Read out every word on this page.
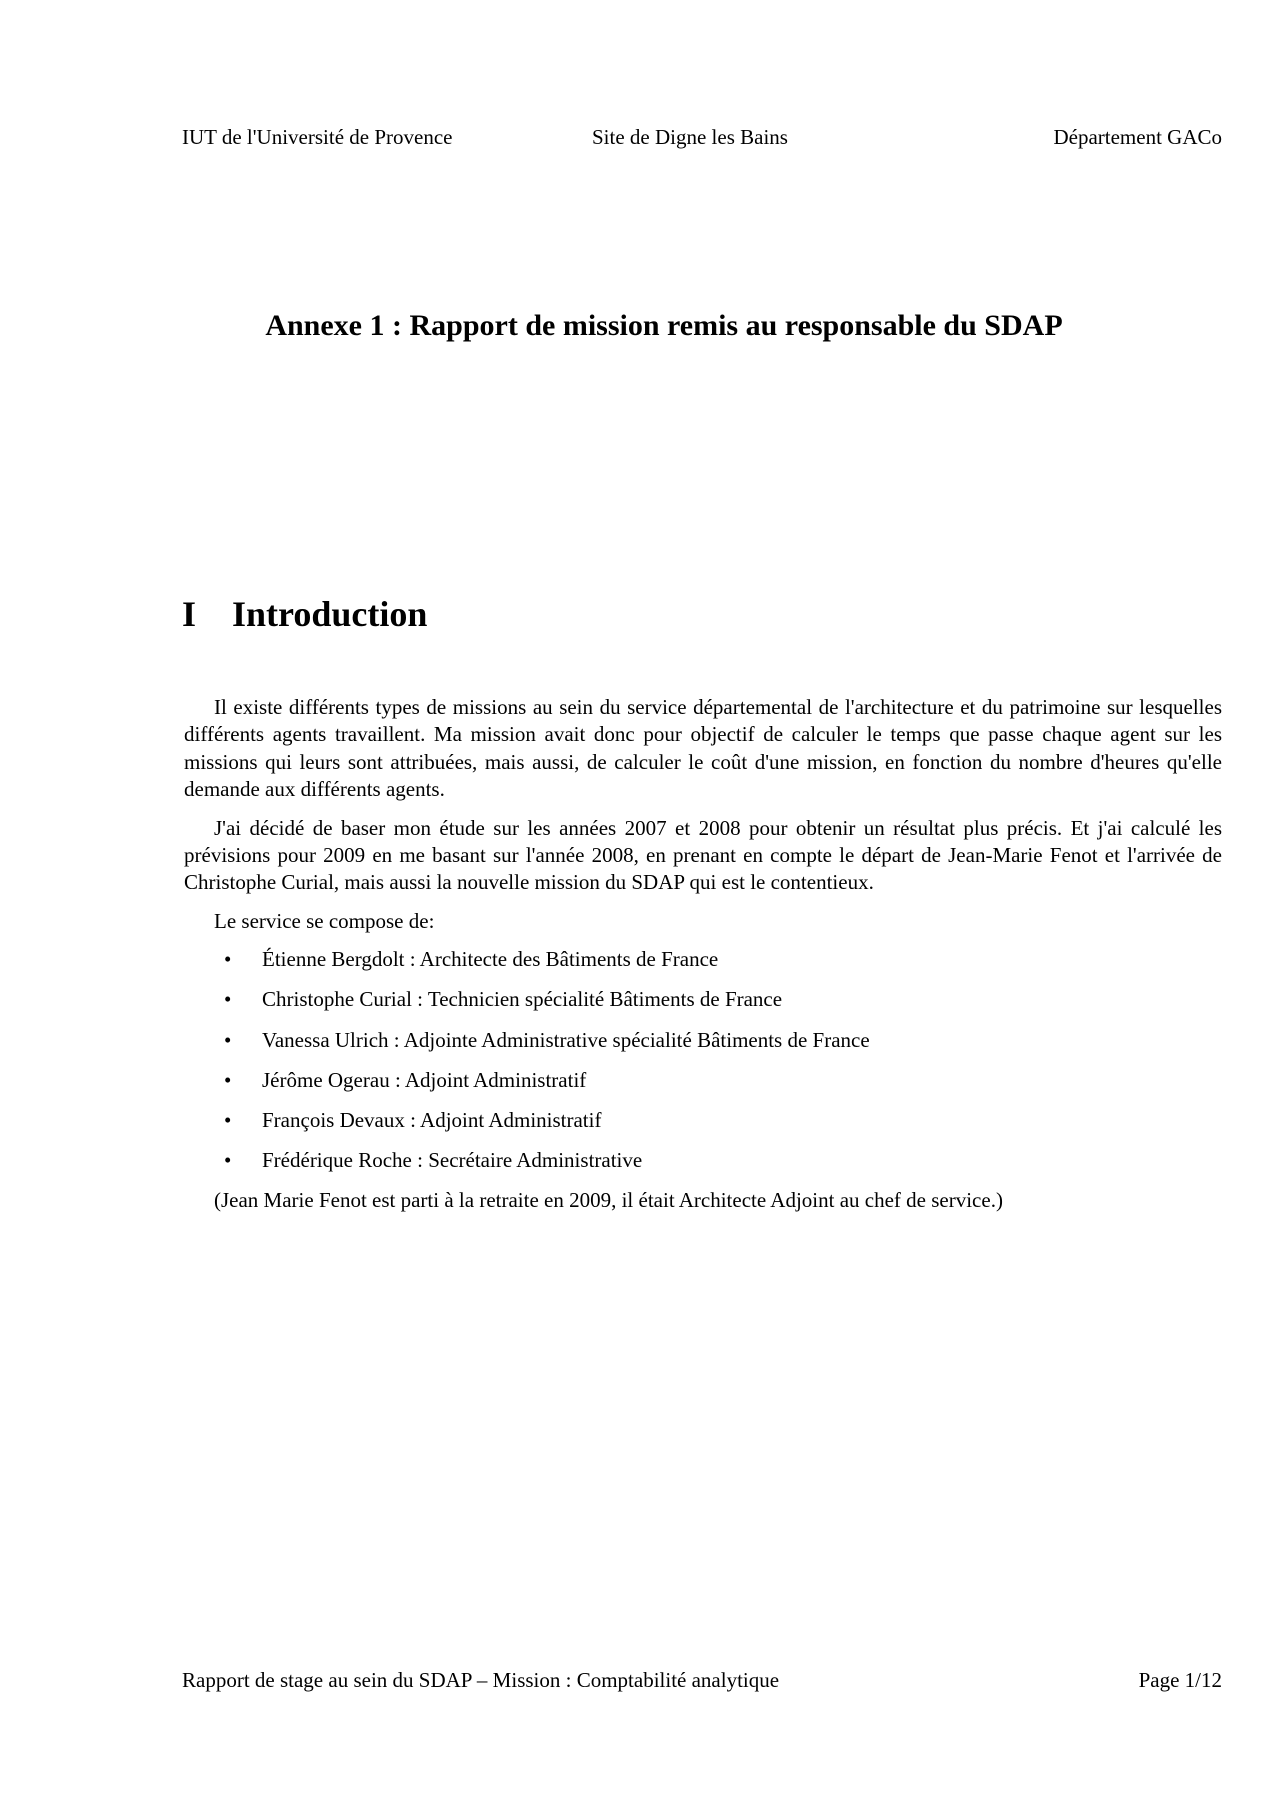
IUT de l'Université de Provence	Site de Digne les Bains	Département GACo
Annexe 1 : Rapport de mission remis au responsable du SDAP
I Introduction

Il existe différents types de missions au sein du service départemental de l'architecture et du patrimoine sur lesquelles différents agents travaillent. Ma mission avait donc pour objectif de calculer le temps que passe chaque agent sur les missions qui leurs sont attribuées, mais aussi, de calculer le coût d'une mission, en fonction du nombre d'heures qu'elle demande aux différents agents.

J'ai décidé de baser mon étude sur les années 2007 et 2008 pour obtenir un résultat plus précis. Et j'ai calculé les prévisions pour 2009 en me basant sur l'année 2008, en prenant en compte le départ de Jean-Marie Fenot et l'arrivée de Christophe Curial, mais aussi la nouvelle mission du SDAP qui est le contentieux.

Le service se compose de:

• Étienne Bergdolt : Architecte des Bâtiments de France
• Christophe Curial : Technicien spécialité Bâtiments de France
• Vanessa Ulrich : Adjointe Administrative spécialité Bâtiments de France
• Jérôme Ogerau : Adjoint Administratif
• François Devaux : Adjoint Administratif
• Frédérique Roche : Secrétaire Administrative

(Jean Marie Fenot est parti à la retraite en 2009, il était Architecte Adjoint au chef de service.)

Rapport de stage au sein du SDAP – Mission : Comptabilité analytique	Page 1/12
